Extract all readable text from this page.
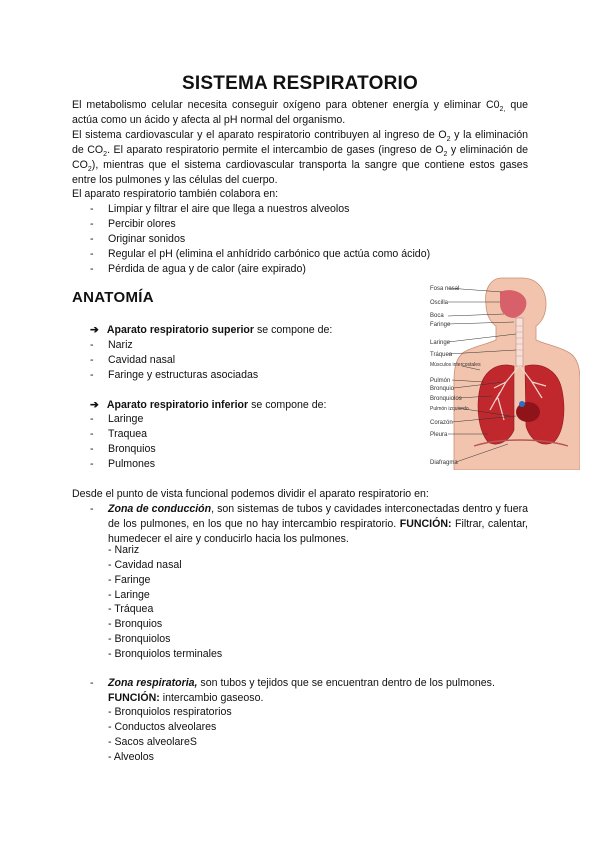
SISTEMA RESPIRATORIO
El metabolismo celular necesita conseguir oxígeno para obtener energía y eliminar $C0_{2,}$ que actúa como un ácido y afecta al pH normal del organismo.
El sistema cardiovascular y el aparato respiratorio contribuyen al ingreso de $O_2$ y la eliminación de $CO_2$. El aparato respiratorio permite el intercambio de gases (ingreso de $O_2$ y eliminación de $CO_2$), mientras que el sistema cardiovascular transporta la sangre que contiene estos gases entre los pulmones y las células del cuerpo.
El aparato respiratorio también colabora en:
- Limpiar y filtrar el aire que llega a nuestros alveolos
- Percibir olores
- Originar sonidos
- Regular el pH (elimina el anhídrido carbónico que actúa como ácido)
- Pérdida de agua y de calor (aire expirado)
ANATOMÍA
➔ Aparato respiratorio superior se compone de:
- Nariz
- Cavidad nasal
- Faringe y estructuras asociadas
➔ Aparato respiratorio inferior se compone de:
- Laringe
- Traquea
- Bronquios
- Pulmones
Fosa nasal
Oscilla
Boca
Faringe
Laringe
Tráquea
Músculos intercostales
Pulmón
Bronquio
Bronquiolos
Pulmón izquierdo
Corazón
Pleura
Diafragma
Desde el punto de vista funcional podemos dividir el aparato respiratorio en:
- Zona de conducción, son sistemas de tubos y cavidades interconectadas dentro y fuera de los pulmones, en los que no hay intercambio respiratorio. FUNCIÓN: Filtrar, calentar, humedecer el aire y conducirlo hacia los pulmones.
- Nariz
- Cavidad nasal
- Faringe
- Laringe
- Tráquea
- Bronquios
- Bronquiolos
- Bronquiolos terminales
- Zona respiratoria, son tubos y tejidos que se encuentran dentro de los pulmones.
FUNCIÓN: intercambio gaseoso.
- Bronquiolos respiratorios
- Conductos alveolares
- Sacos alveolareS
- Alveolos
